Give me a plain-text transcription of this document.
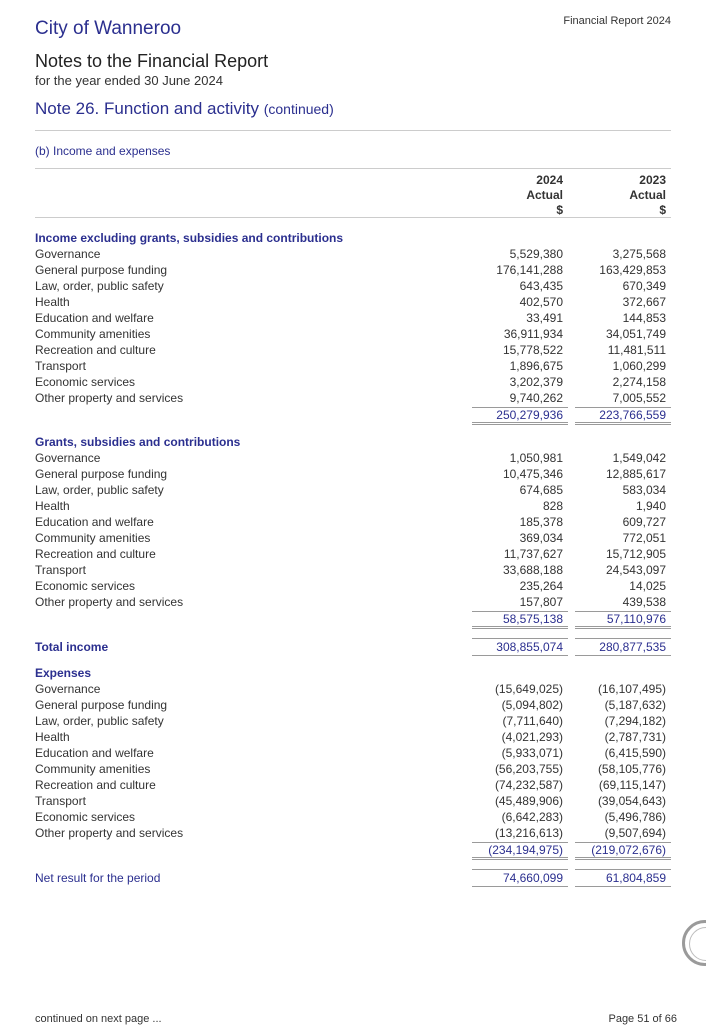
City of Wanneroo	Financial Report 2024
Notes to the Financial Report
for the year ended 30 June 2024
Note 26. Function and activity (continued)
(b) Income and expenses
2024
Actual
$
2023
Actual
$
Income excluding grants, subsidies and contributions
Governance	5,529,380	3,275,568
General purpose funding	176,141,288	163,429,853
Law, order, public safety	643,435	670,349
Health	402,570	372,667
Education and welfare	33,491	144,853
Community amenities	36,911,934	34,051,749
Recreation and culture	15,778,522	11,481,511
Transport	1,896,675	1,060,299
Economic services	3,202,379	2,274,158
Other property and services	9,740,262	7,005,552
250,279,936	223,766,559
Grants, subsidies and contributions
Governance	1,050,981	1,549,042
General purpose funding	10,475,346	12,885,617
Law, order, public safety	674,685	583,034
Health	828	1,940
Education and welfare	185,378	609,727
Community amenities	369,034	772,051
Recreation and culture	11,737,627	15,712,905
Transport	33,688,188	24,543,097
Economic services	235,264	14,025
Other property and services	157,807	439,538
58,575,138	57,110,976
Total income	308,855,074	280,877,535
Expenses
Governance	(15,649,025)	(16,107,495)
General purpose funding	(5,094,802)	(5,187,632)
Law, order, public safety	(7,711,640)	(7,294,182)
Health	(4,021,293)	(2,787,731)
Education and welfare	(5,933,071)	(6,415,590)
Community amenities	(56,203,755)	(58,105,776)
Recreation and culture	(74,232,587)	(69,115,147)
Transport	(45,489,906)	(39,054,643)
Economic services	(6,642,283)	(5,496,786)
Other property and services	(13,216,613)	(9,507,694)
(234,194,975)	(219,072,676)
Net result for the period	74,660,099	61,804,859
continued on next page ...	Page 51 of 66
